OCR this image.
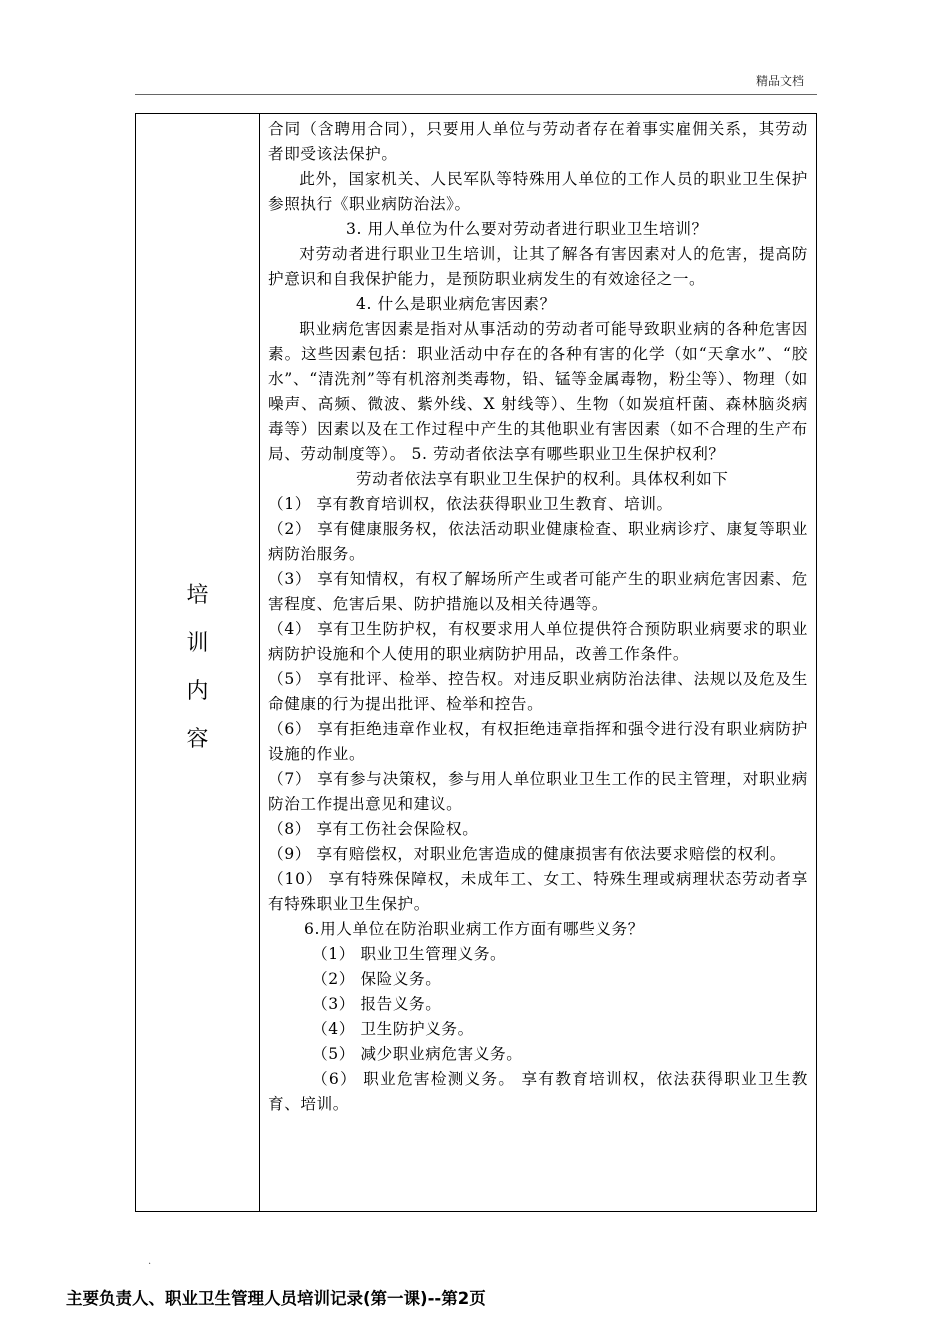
精品文档
培
训
内
容

合同（含聘用合同），只要用人单位与劳动者存在着事实雇佣关系，其劳动者即受该法保护。

此外，国家机关、人民军队等特殊用人单位的工作人员的职业卫生保护参照执行《职业病防治法》。

3. 用人单位为什么要对劳动者进行职业卫生培训？

对劳动者进行职业卫生培训，让其了解各有害因素对人的危害，提高防护意识和自我保护能力，是预防职业病发生的有效途径之一。

4. 什么是职业病危害因素？

职业病危害因素是指对从事活动的劳动者可能导致职业病的各种危害因素。这些因素包括：职业活动中存在的各种有害的化学（如“天拿水”、“胶水”、“清洗剂”等有机溶剂类毒物，铅、锰等金属毒物，粉尘等）、物理（如噪声、高频、微波、紫外线、X 射线等）、生物（如炭疽杆菌、森林脑炎病毒等）因素以及在工作过程中产生的其他职业有害因素（如不合理的生产布局、劳动制度等）。 5. 劳动者依法享有哪些职业卫生保护权利？

劳动者依法享有职业卫生保护的权利。具体权利如下

（1） 享有教育培训权，依法获得职业卫生教育、培训。

（2） 享有健康服务权，依法活动职业健康检查、职业病诊疗、康复等职业病防治服务。

（3） 享有知情权，有权了解场所产生或者可能产生的职业病危害因素、危害程度、危害后果、防护措施以及相关待遇等。

（4） 享有卫生防护权，有权要求用人单位提供符合预防职业病要求的职业病防护设施和个人使用的职业病防护用品，改善工作条件。

（5） 享有批评、检举、控告权。对违反职业病防治法律、法规以及危及生命健康的行为提出批评、检举和控告。

（6） 享有拒绝违章作业权，有权拒绝违章指挥和强令进行没有职业病防护设施的作业。

（7） 享有参与决策权，参与用人单位职业卫生工作的民主管理，对职业病防治工作提出意见和建议。

（8） 享有工伤社会保险权。

（9） 享有赔偿权，对职业危害造成的健康损害有依法要求赔偿的权利。

（10） 享有特殊保障权，未成年工、女工、特殊生理或病理状态劳动者享有特殊职业卫生保护。

6.用人单位在防治职业病工作方面有哪些义务？

（1） 职业卫生管理义务。

（2） 保险义务。

（3） 报告义务。

（4） 卫生防护义务。

（5） 减少职业病危害义务。

（6） 职业危害检测义务。 享有教育培训权，依法获得职业卫生教育、培训。

.
主要负责人、职业卫生管理人员培训记录(第一课)--第2页
